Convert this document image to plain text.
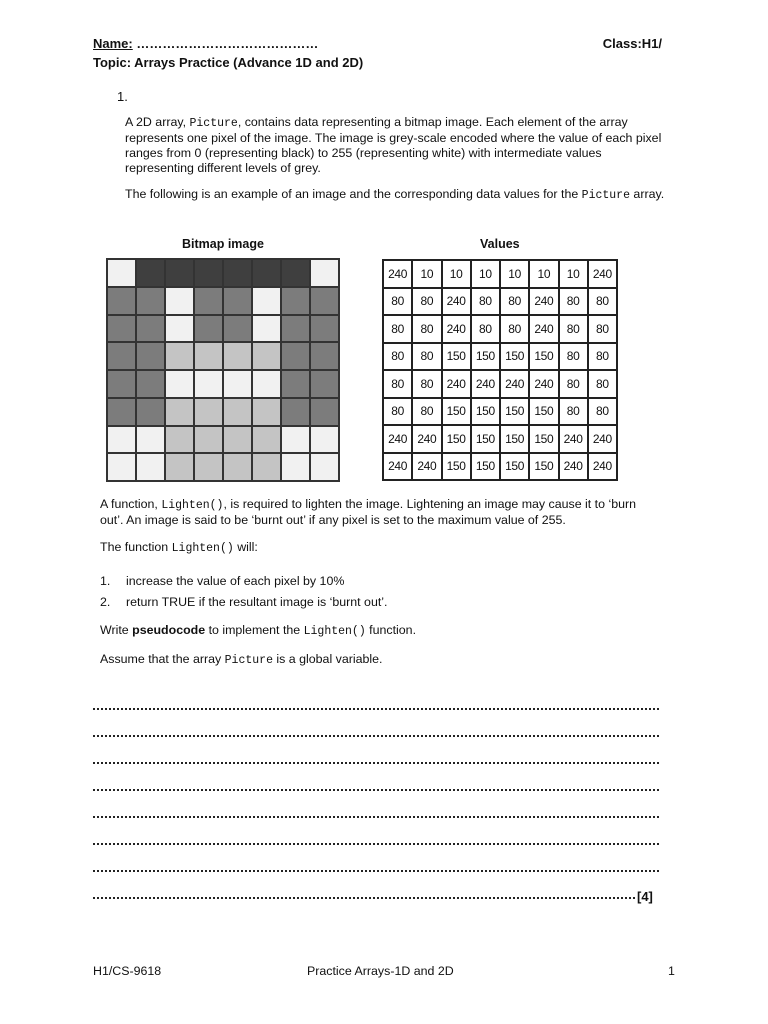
Name: ……………………………………	Class:H1/
Topic: Arrays Practice (Advance 1D and 2D)
1.
A 2D array, Picture, contains data representing a bitmap image. Each element of the array represents one pixel of the image. The image is grey-scale encoded where the value of each pixel ranges from 0 (representing black) to 255 (representing white) with intermediate values representing different levels of grey.
The following is an example of an image and the corresponding data values for the Picture array.
Bitmap image	Values
240	10	10	10	10	10	10	240
80	80	240	80	80	240	80	80
80	80	240	80	80	240	80	80
80	80	150 150 150 150	80	80
80	80	240 240 240 240	80	80
80	80	150 150 150 150	80	80
240 240 150 150 150 150 240 240
240 240 150 150 150 150 240 240
A function, Lighten(), is required to lighten the image. Lightening an image may cause it to ‘burn out’. An image is said to be ‘burnt out’ if any pixel is set to the maximum value of 255.
The function Lighten() will:
1. increase the value of each pixel by 10%
2. return TRUE if the resultant image is ‘burnt out’.
Write pseudocode to implement the Lighten() function.
Assume that the array Picture is a global variable.
[4]
H1/CS-9618	Practice Arrays-1D and 2D	1
